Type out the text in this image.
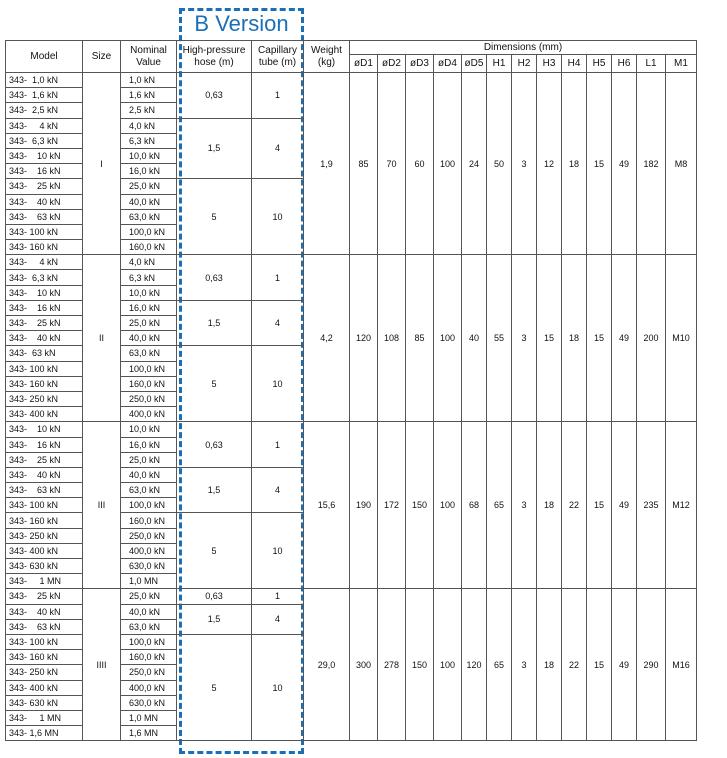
B Version
Model	Size	Nominal Value	High-pressure hose (m)	Capillary tube (m)	Weight (kg)	Dimensions (mm)												
						øD1	øD2	øD3	øD4	øD5	H1	H2	H3	H4	H5	H6	L1	M1
343-  1,0 kN	I	1,0 kN	0,63	1	1,9	85	70	60	100	24	50	3	12	18	15	49	182	M8
343-  1,6 kN		1,6 kN																
343-  2,5 kN		2,5 kN																
343-     4 kN		4,0 kN	1,5	4														
343-  6,3 kN		6,3 kN																
343-    10 kN		10,0 kN																
343-    16 kN		16,0 kN																
343-    25 kN		25,0 kN	5	10														
343-    40 kN		40,0 kN																
343-    63 kN		63,0 kN																
343- 100 kN		100,0 kN																
343- 160 kN		160,0 kN																
343-     4 kN	II	4,0 kN	0,63	1	4,2	120	108	85	100	40	55	3	15	18	15	49	200	M10
343-  6,3 kN		6,3 kN																
343-    10 kN		10,0 kN																
343-    16 kN		16,0 kN	1,5	4														
343-    25 kN		25,0 kN																
343-    40 kN		40,0 kN																
343-  63 kN		63,0 kN	5	10														
343- 100 kN		100,0 kN																
343- 160 kN		160,0 kN																
343- 250 kN		250,0 kN																
343- 400 kN		400,0 kN																
343-    10 kN	III	10,0 kN	0,63	1	15,6	190	172	150	100	68	65	3	18	22	15	49	235	M12
343-    16 kN		16,0 kN																
343-    25 kN		25,0 kN																
343-    40 kN		40,0 kN	1,5	4														
343-    63 kN		63,0 kN																
343- 100 kN		100,0 kN																
343- 160 kN		160,0 kN	5	10														
343- 250 kN		250,0 kN																
343- 400 kN		400,0 kN																
343- 630 kN		630,0 kN																
343-     1 MN		1,0 MN																
343-    25 kN	IIII	25,0 kN	0,63	1	29,0	300	278	150	100	120	65	3	18	22	15	49	290	M16
343-    40 kN		40,0 kN	1,5	4														
343-    63 kN		63,0 kN																
343- 100 kN		100,0 kN	5	10														
343- 160 kN		160,0 kN																
343- 250 kN		250,0 kN																
343- 400 kN		400,0 kN																
343- 630 kN		630,0 kN																
343-     1 MN		1,0 MN																
343- 1,6 MN		1,6 MN																
